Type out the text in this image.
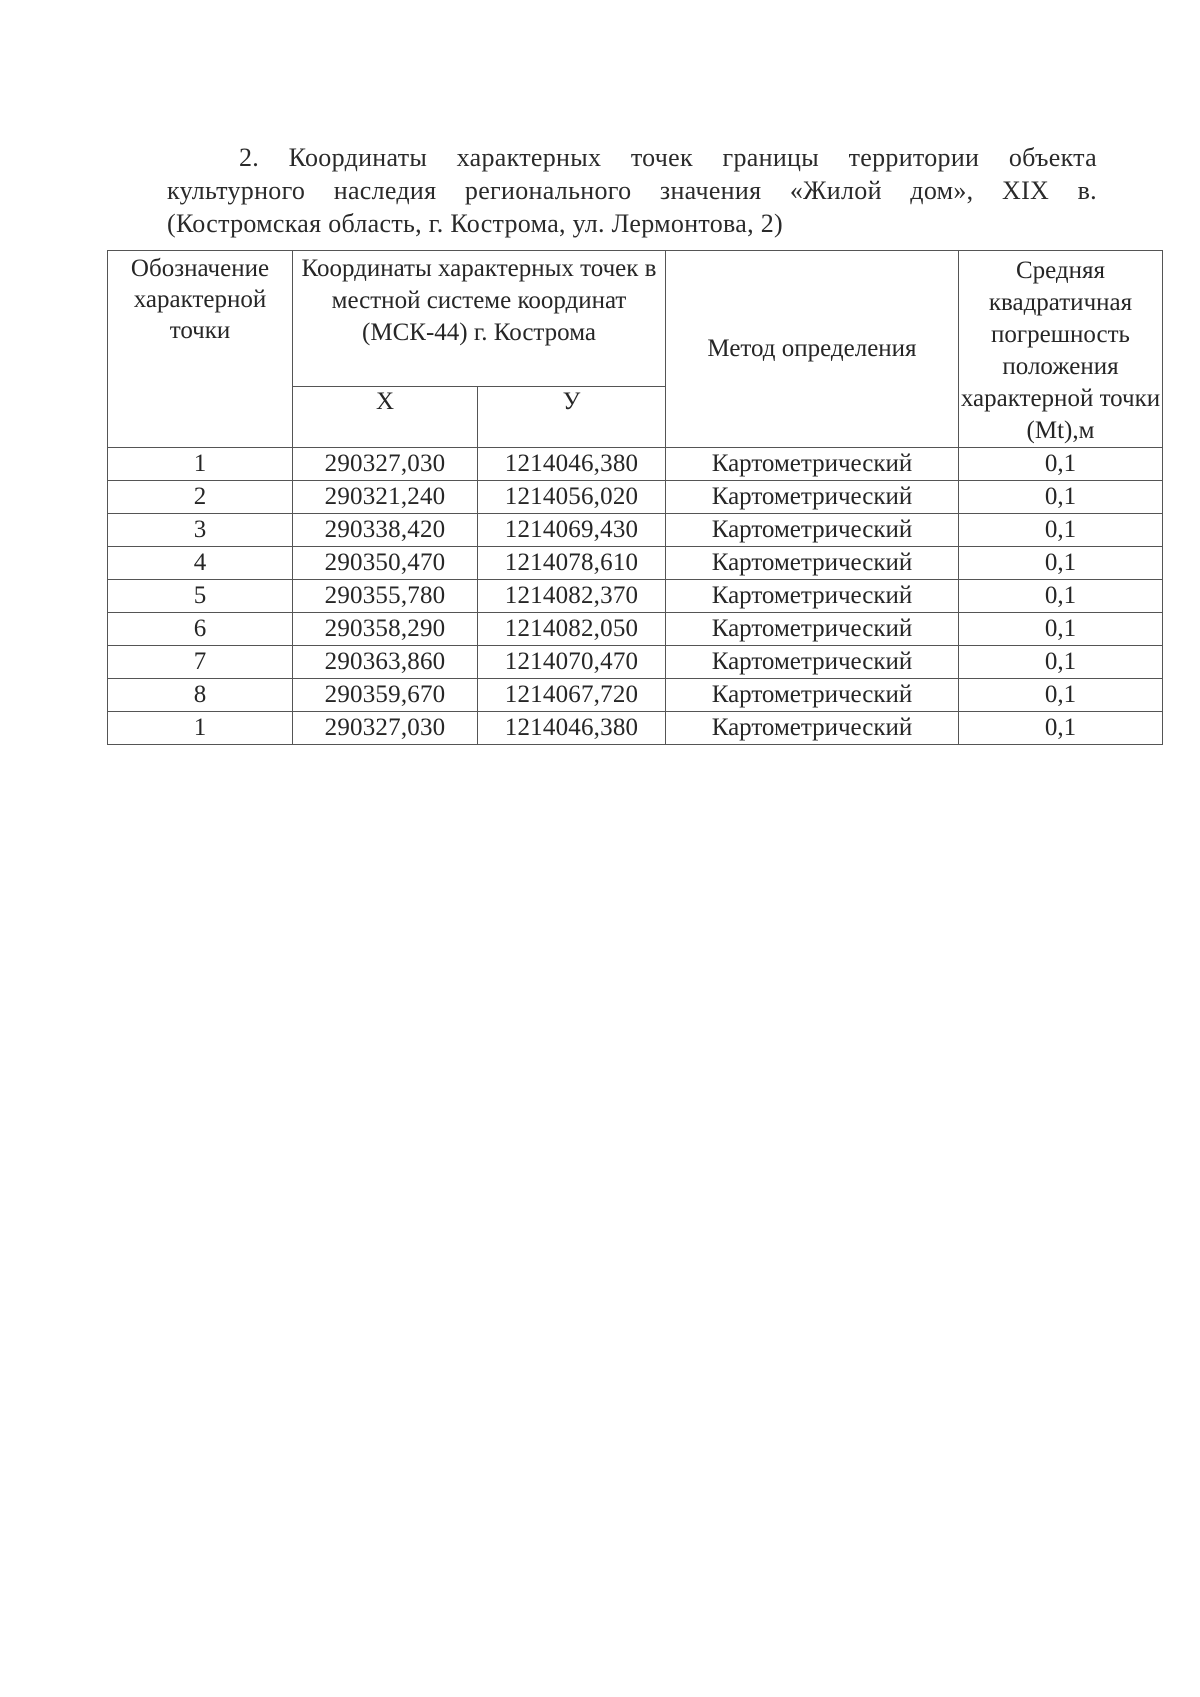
2. Координаты характерных точек границы территории объекта культурного наследия регионального значения «Жилой дом», XIX в. (Костромская область, г. Кострома, ул. Лермонтова, 2)

Обозначение характерной точки	Координаты характерных точек в местной системе координат (МСК-44) г. Кострома		Метод определения	Средняя квадратичная погрешность положения характерной точки (Mt),м
	Х	У		
1	290327,030	1214046,380	Картометрический	0,1
2	290321,240	1214056,020	Картометрический	0,1
3	290338,420	1214069,430	Картометрический	0,1
4	290350,470	1214078,610	Картометрический	0,1
5	290355,780	1214082,370	Картометрический	0,1
6	290358,290	1214082,050	Картометрический	0,1
7	290363,860	1214070,470	Картометрический	0,1
8	290359,670	1214067,720	Картометрический	0,1
1	290327,030	1214046,380	Картометрический	0,1
